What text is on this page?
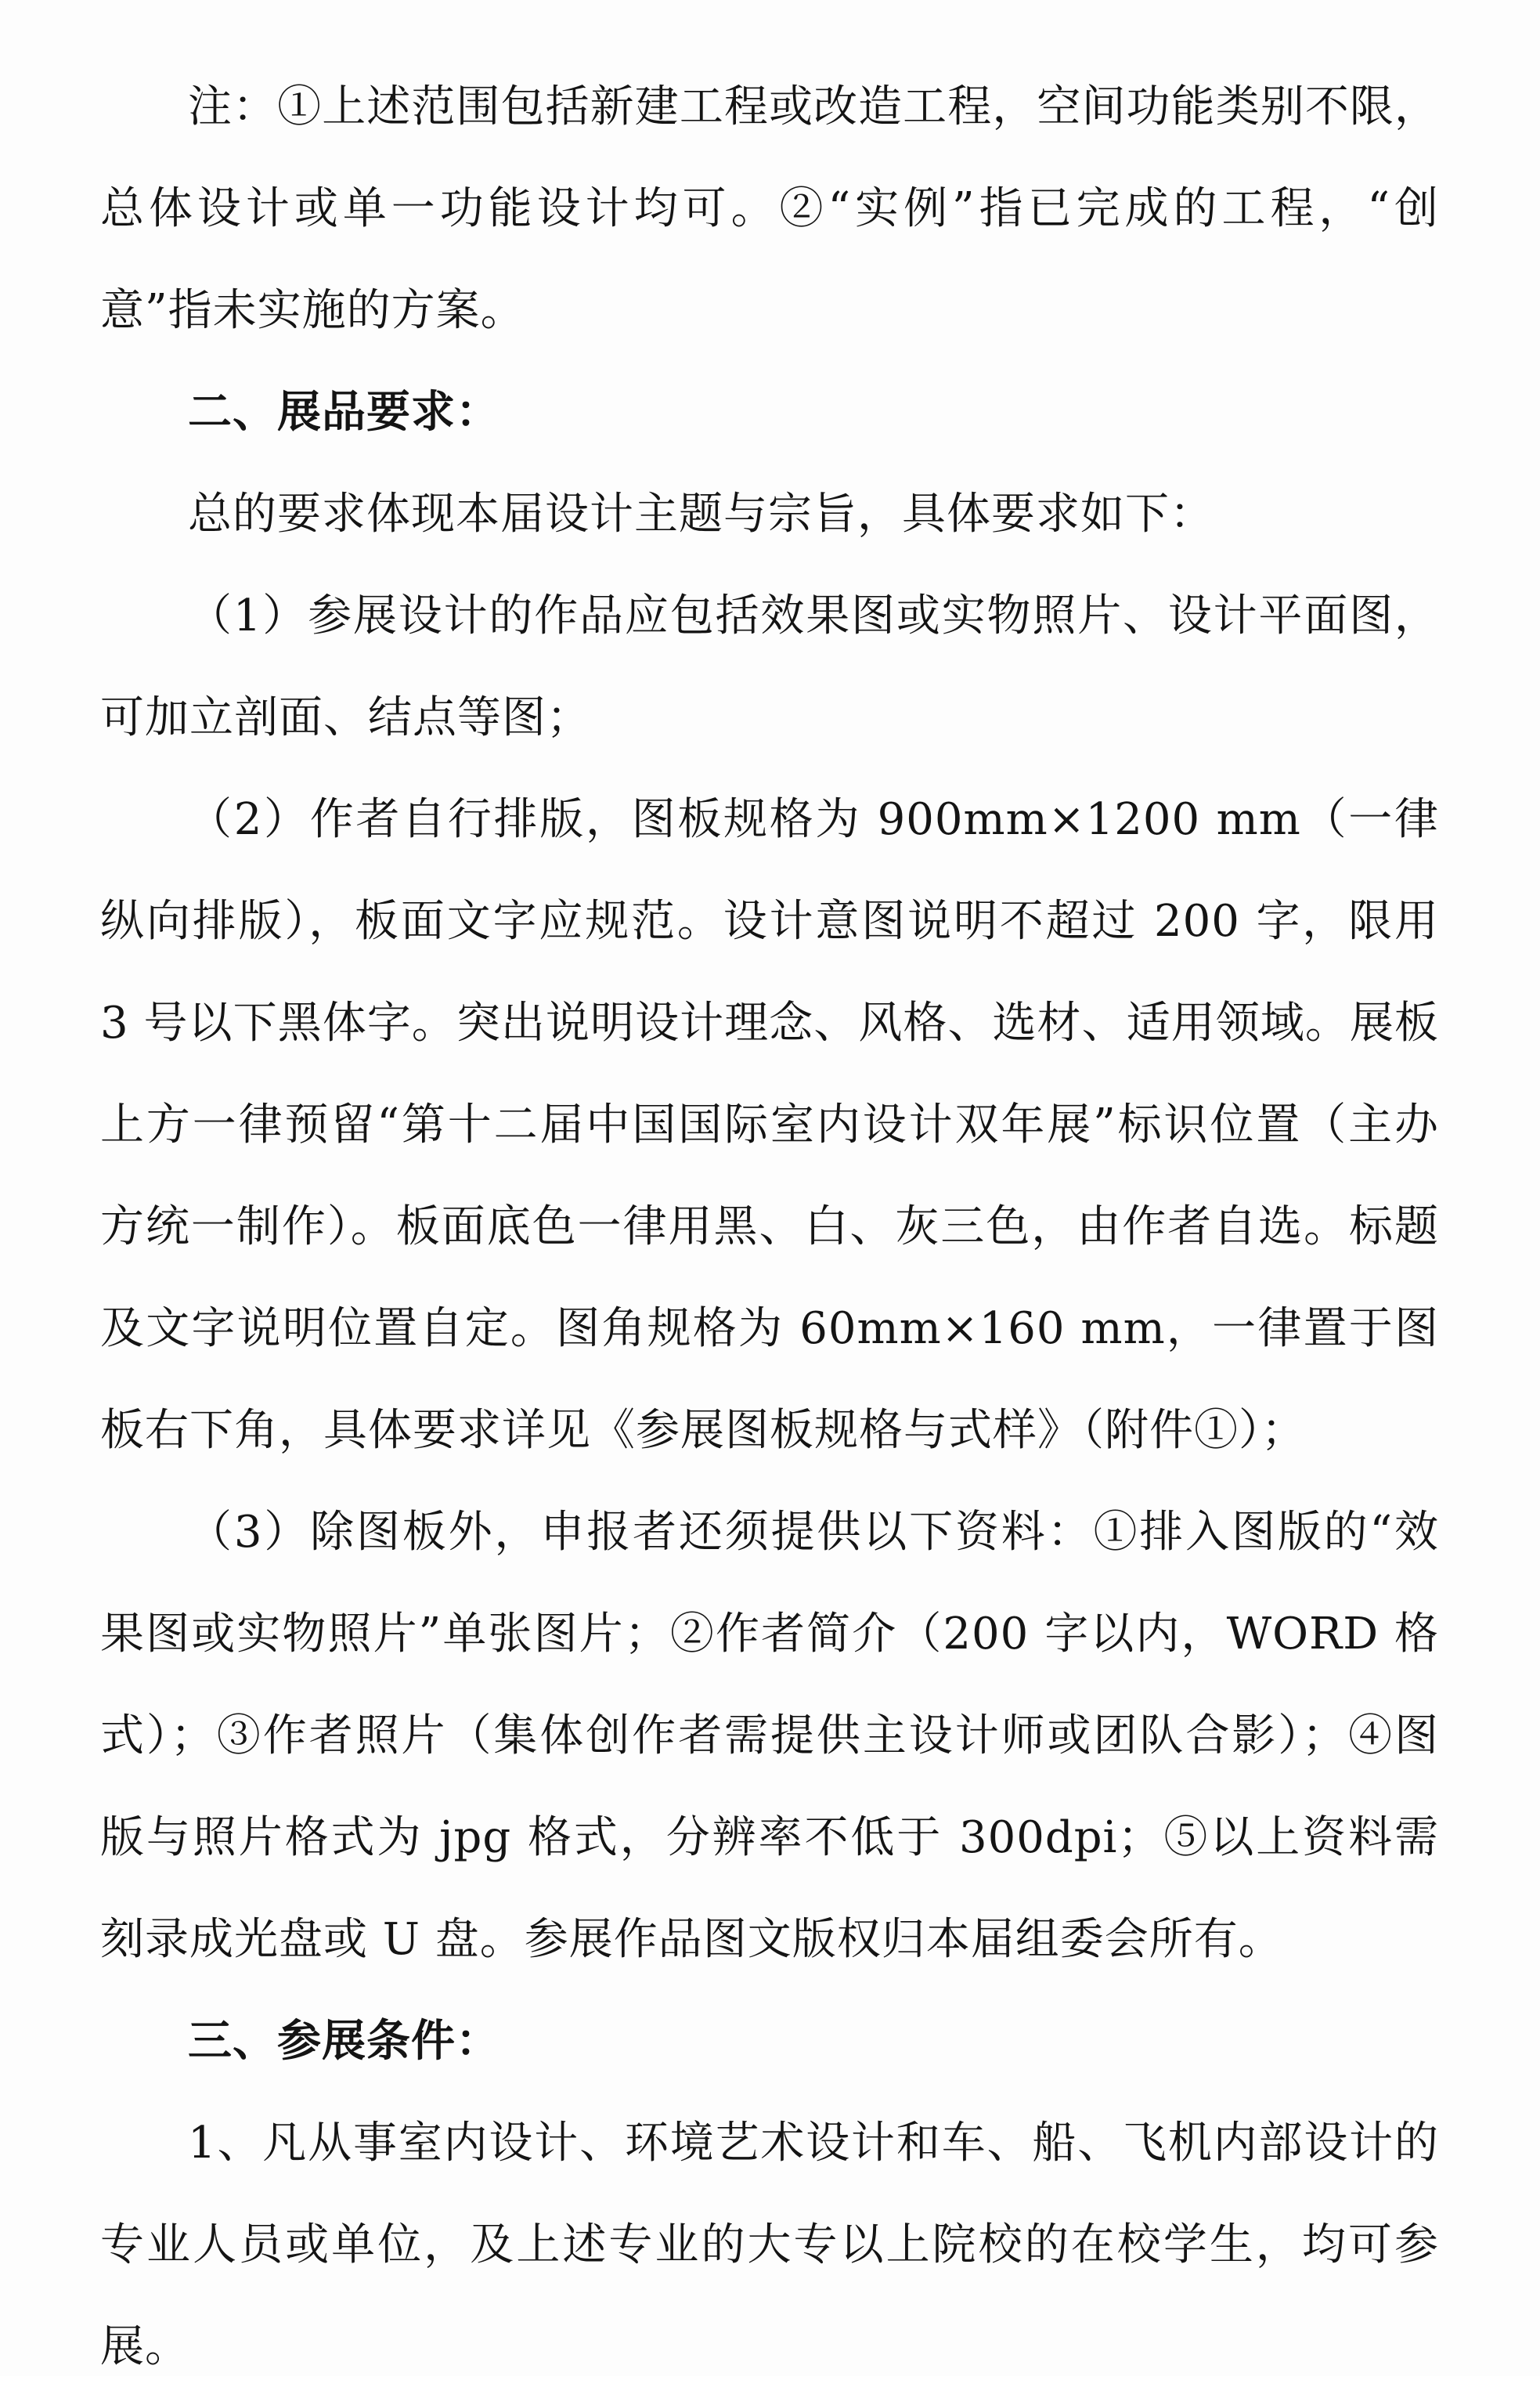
注：①上述范围包括新建工程或改造工程，空间功能类别不限，总体设计或单一功能设计均可。②“实例”指已完成的工程，“创意”指未实施的方案。

二、展品要求：

总的要求体现本届设计主题与宗旨，具体要求如下：

（1）参展设计的作品应包括效果图或实物照片、设计平面图，可加立剖面、结点等图；

（2）作者自行排版，图板规格为 900mm×1200 mm（一律纵向排版），板面文字应规范。设计意图说明不超过 200 字，限用 3 号以下黑体字。突出说明设计理念、风格、选材、适用领域。展板上方一律预留“第十二届中国国际室内设计双年展”标识位置（主办方统一制作）。板面底色一律用黑、白、灰三色，由作者自选。标题及文字说明位置自定。图角规格为 60mm×160 mm，一律置于图板右下角，具体要求详见《参展图板规格与式样》（附件①）；

（3）除图板外，申报者还须提供以下资料：①排入图版的“效果图或实物照片”单张图片；②作者简介（200 字以内，WORD 格式）；③作者照片（集体创作者需提供主设计师或团队合影）；④图版与照片格式为 jpg 格式，分辨率不低于 300dpi；⑤以上资料需刻录成光盘或 U 盘。参展作品图文版权归本届组委会所有。

三、参展条件：

1、凡从事室内设计、环境艺术设计和车、船、飞机内部设计的专业人员或单位，及上述专业的大专以上院校的在校学生，均可参展。
